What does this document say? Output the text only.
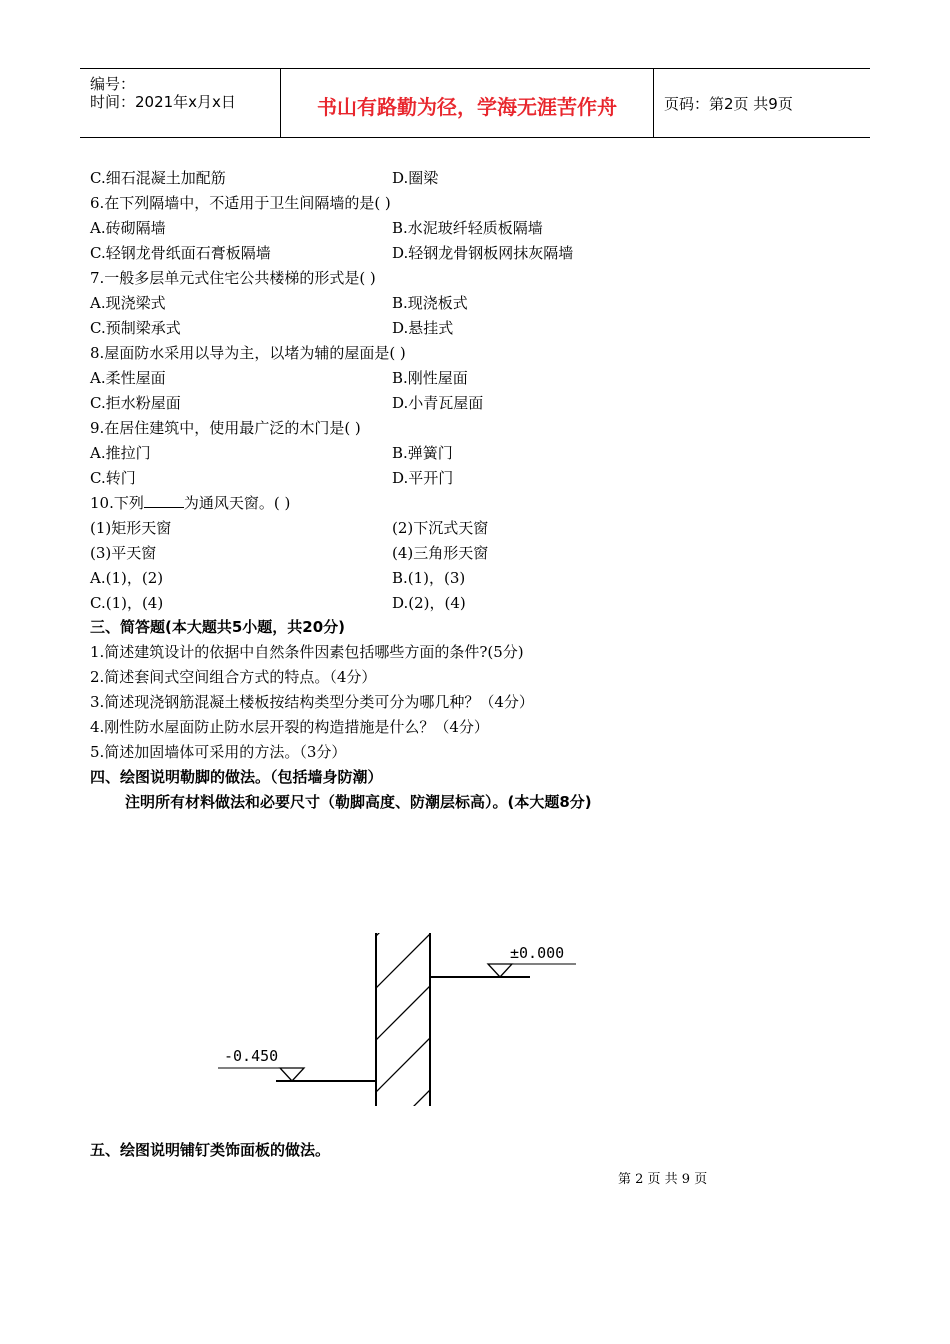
编号：
时间：2021年x月x日	书山有路勤为径，学海无涯苦作舟	页码：第2页 共9页
C.细石混凝土加配筋	D.圈梁
6.在下列隔墙中，不适用于卫生间隔墙的是( )
A.砖砌隔墙	B.水泥玻纤轻质板隔墙
C.轻钢龙骨纸面石膏板隔墙	D.轻钢龙骨钢板网抹灰隔墙
7.一般多层单元式住宅公共楼梯的形式是( )
A.现浇梁式	B.现浇板式
C.预制梁承式	D.悬挂式
8.屋面防水采用以导为主，以堵为辅的屋面是( )
A.柔性屋面	B.刚性屋面
C.拒水粉屋面	D.小青瓦屋面
9.在居住建筑中，使用最广泛的木门是( )
A.推拉门	B.弹簧门
C.转门	D.平开门
10.下列	为通风天窗。( )
(1)矩形天窗	(2)下沉式天窗
(3)平天窗	(4)三角形天窗
A.(1)，(2)	B.(1)，(3)
C.(1)，(4)	D.(2)，(4)
三、简答题(本大题共5小题，共20分)
1.简述建筑设计的依据中自然条件因素包括哪些方面的条件?(5分)
2.简述套间式空间组合方式的特点。（4分）
3.简述现浇钢筋混凝土楼板按结构类型分类可分为哪几种？（4分）
4.刚性防水屋面防止防水层开裂的构造措施是什么？（4分）
5.简述加固墙体可采用的方法。（3分）
四、绘图说明勒脚的做法。（包括墙身防潮）
注明所有材料做法和必要尺寸（勒脚高度、防潮层标高）。(本大题8分)
±0.000
-0.450
五、绘图说明铺钉类饰面板的做法。
第 2 页 共 9 页
